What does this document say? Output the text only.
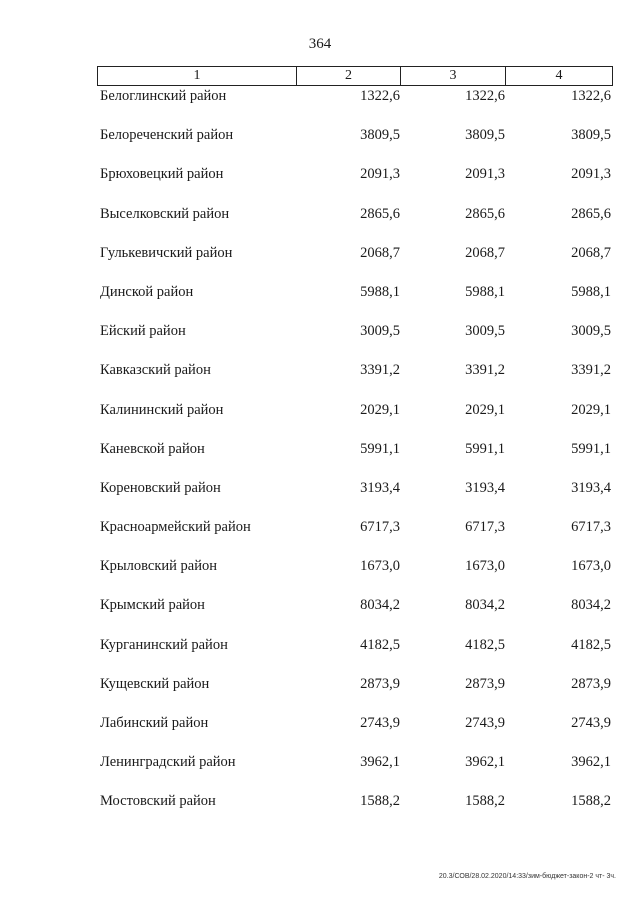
364
1	2	3	4
Белоглинский район	1322,6	1322,6	1322,6
Белореченский район	3809,5	3809,5	3809,5
Брюховецкий район	2091,3	2091,3	2091,3
Выселковский район	2865,6	2865,6	2865,6
Гулькевичский район	2068,7	2068,7	2068,7
Динской район	5988,1	5988,1	5988,1
Ейский район	3009,5	3009,5	3009,5
Кавказский район	3391,2	3391,2	3391,2
Калининский район	2029,1	2029,1	2029,1
Каневской район	5991,1	5991,1	5991,1
Кореновский район	3193,4	3193,4	3193,4
Красноармейский район	6717,3	6717,3	6717,3
Крыловский район	1673,0	1673,0	1673,0
Крымский район	8034,2	8034,2	8034,2
Курганинский район	4182,5	4182,5	4182,5
Кущевский район	2873,9	2873,9	2873,9
Лабинский район	2743,9	2743,9	2743,9
Ленинградский район	3962,1	3962,1	3962,1
Мостовский район	1588,2	1588,2	1588,2
20.3/СОВ/28.02.2020/14:33/зим-бюджет-закон-2 чт- 3ч.
